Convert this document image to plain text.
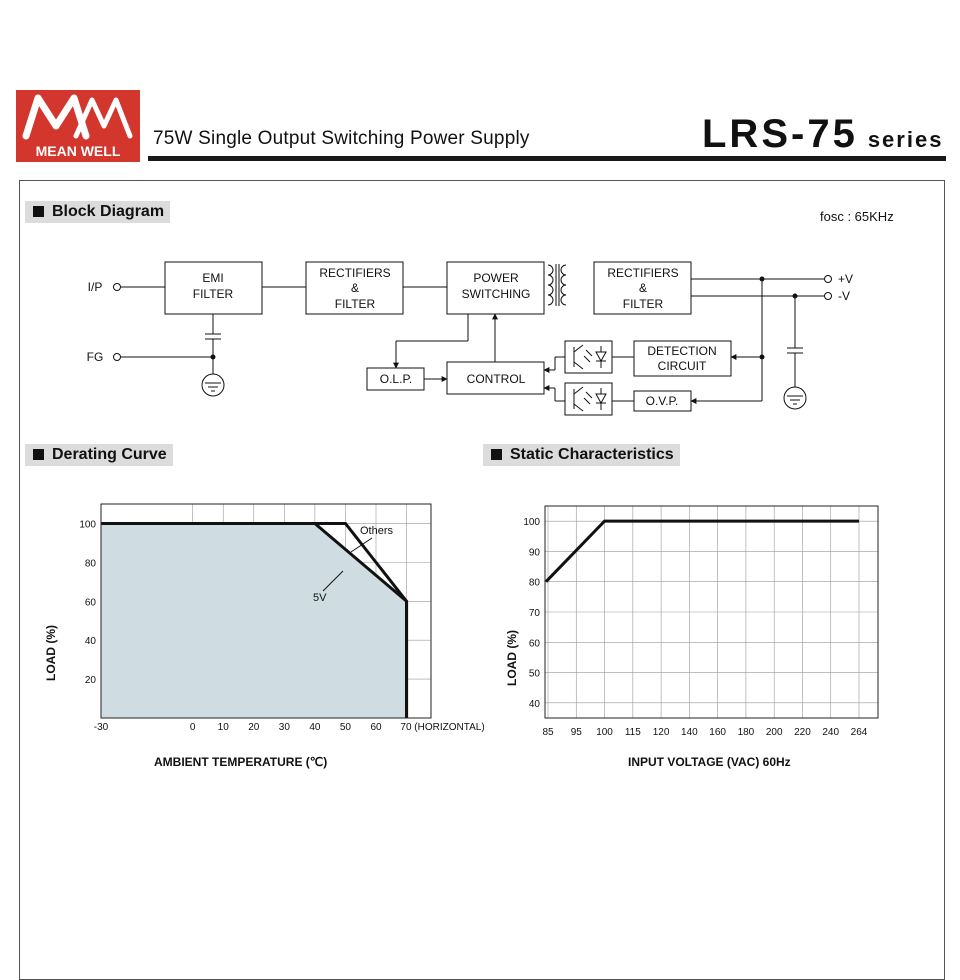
MEAN WELL
75W Single Output Switching Power Supply	LRS-75 series
Block Diagram
Derating Curve	Static Characteristics
fosc : 65KHz
I/P
FG
EMI
FILTER
RECTIFIERS
&
FILTER
POWER
SWITCHING
RECTIFIERS
&
FILTER
DETECTION
CIRCUIT
O.L.P.	CONTROL
O.V.P.
+V
-V
-30	0 10 20 30 40 50 60 70 (HORIZONTAL)
100
80
60
40
20
Others
5V
AMBIENT TEMPERATURE (℃)
LOAD (%)
85 95 100 115 120 140 160 180 200 220 240 264
100
90
80
70
60
50
40
INPUT VOLTAGE (VAC) 60Hz
LOAD (%)
